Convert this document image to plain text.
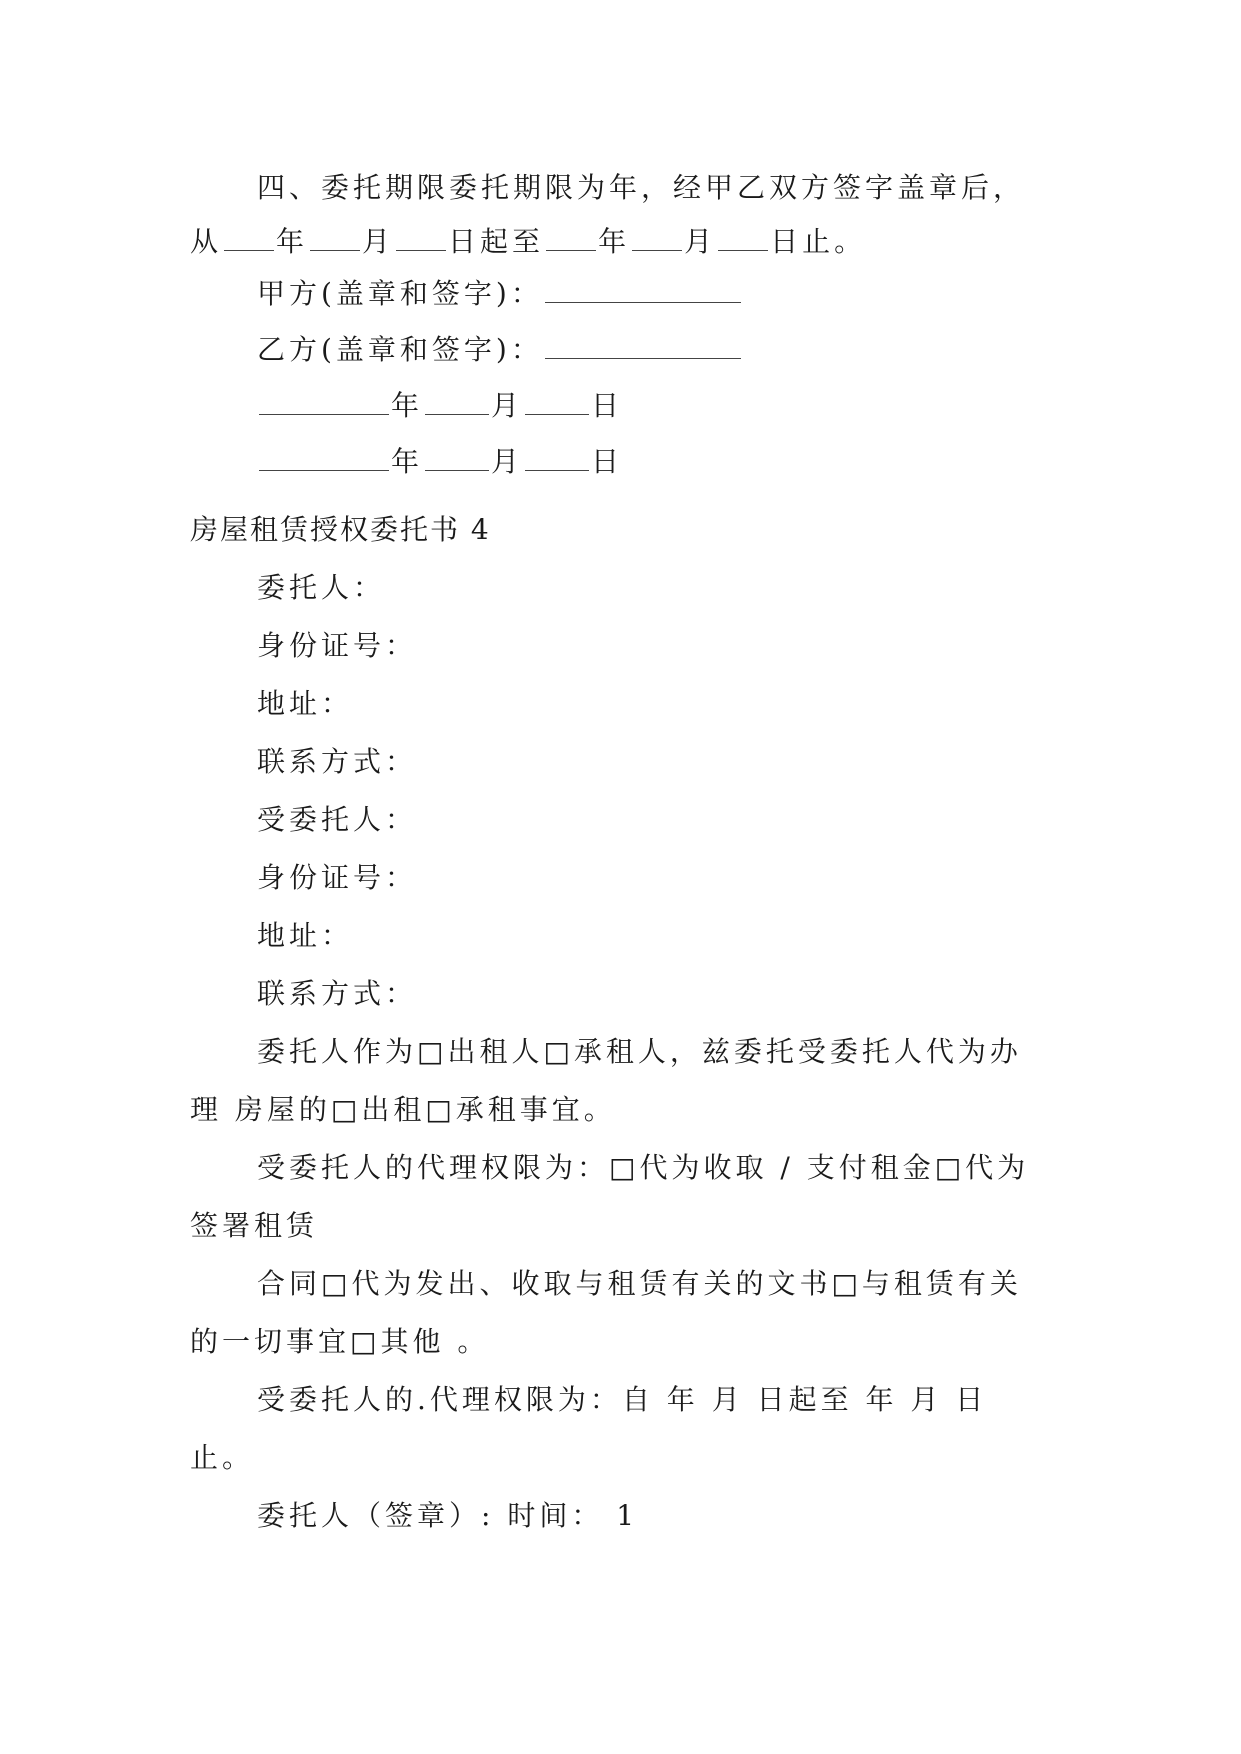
四、委托期限委托期限为年，经甲乙双方签字盖章后，
从 年 月 日起至 年 月 日止。
甲方(盖章和签字)：
乙方(盖章和签字)：
年 月 日
年 月 日
房屋租赁授权委托书 4
委托人：
身份证号：
地址：
联系方式：
受委托人：
身份证号：
地址：
联系方式：
委托人作为□出租人□承租人，兹委托受委托人代为办
理 房屋的□出租□承租事宜。
受委托人的代理权限为：□代为收取 / 支付租金□代为
签署租赁
合同□代为发出、收取与租赁有关的文书□与租赁有关
的一切事宜□其他 。
受委托人的.代理权限为：自 年 月 日起至 年 月 日
止。
委托人（签章）: 时间： 1
